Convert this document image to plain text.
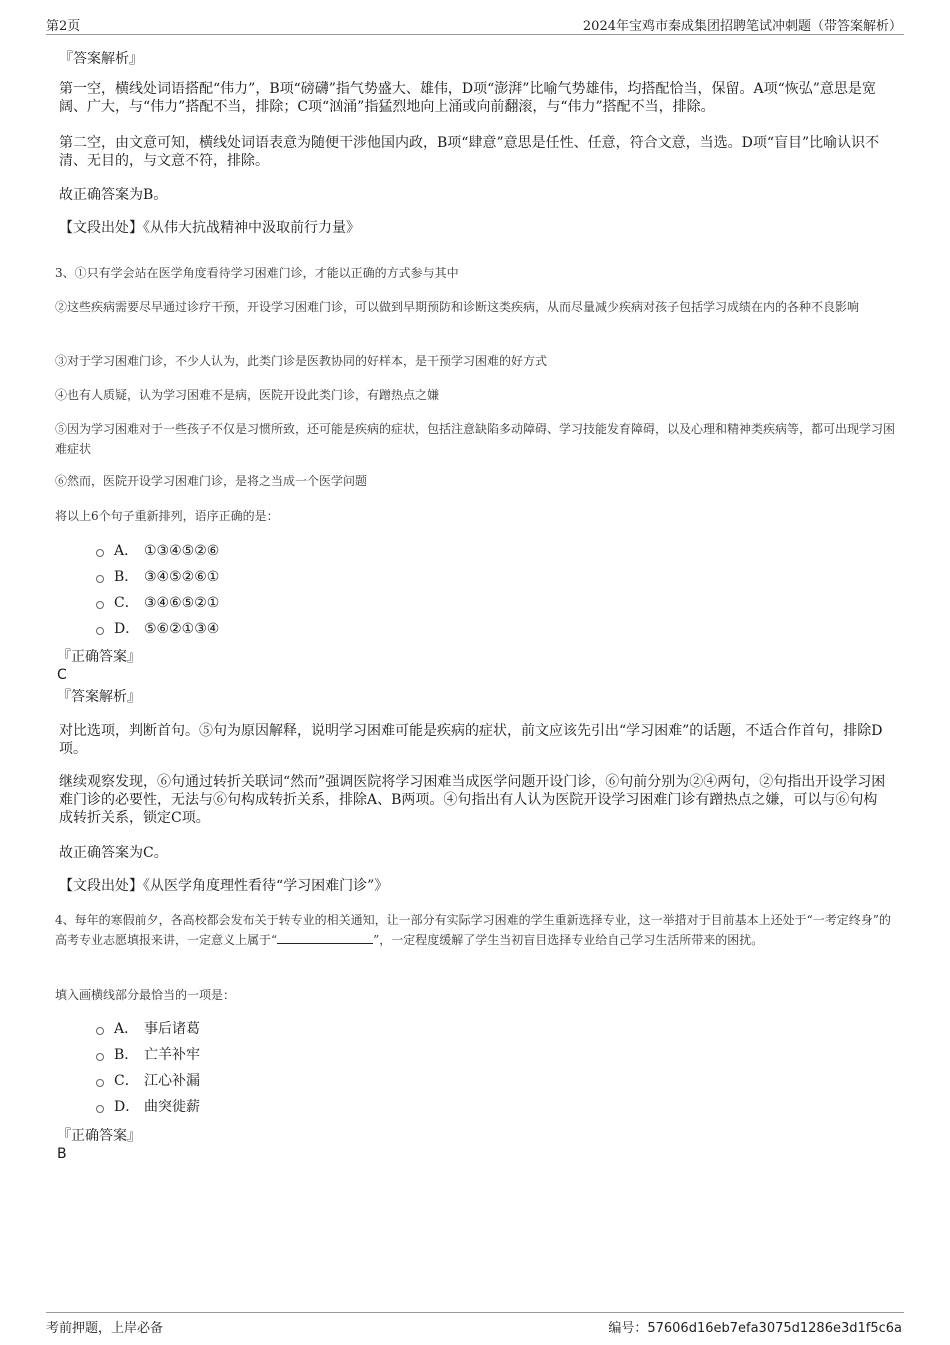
第2页	2024年宝鸡市秦成集团招聘笔试冲刺题（带答案解析）
『答案解析』
第一空，横线处词语搭配“伟力”，B项“磅礴”指气势盛大、雄伟，D项“澎湃”比喻气势雄伟，均搭配恰当，保留。A项“恢弘”意思是宽阔、广大，与“伟力”搭配不当，排除；C项“汹涌”指猛烈地向上涌或向前翻滚，与“伟力”搭配不当，排除。
第二空，由文意可知，横线处词语表意为随便干涉他国内政，B项“肆意”意思是任性、任意，符合文意，当选。D项“盲目”比喻认识不清、无目的，与文意不符，排除。
故正确答案为B。
【文段出处】《从伟大抗战精神中汲取前行力量》
3、①只有学会站在医学角度看待学习困难门诊，才能以正确的方式参与其中
②这些疾病需要尽早通过诊疗干预，开设学习困难门诊，可以做到早期预防和诊断这类疾病，从而尽量减少疾病对孩子包括学习成绩在内的各种不良影响
③对于学习困难门诊，不少人认为，此类门诊是医教协同的好样本，是干预学习困难的好方式
④也有人质疑，认为学习困难不是病，医院开设此类门诊，有蹭热点之嫌
⑤因为学习困难对于一些孩子不仅是习惯所致，还可能是疾病的症状，包括注意缺陷多动障碍、学习技能发育障碍，以及心理和精神类疾病等，都可出现学习困难症状
⑥然而，医院开设学习困难门诊，是将之当成一个医学问题
将以上6个句子重新排列，语序正确的是：
A． ①③④⑤②⑥
B． ③④⑤②⑥①
C． ③④⑥⑤②①
D． ⑤⑥②①③④
『正确答案』
C
『答案解析』
对比选项，判断首句。⑤句为原因解释，说明学习困难可能是疾病的症状，前文应该先引出“学习困难”的话题，不适合作首句，排除D项。
继续观察发现，⑥句通过转折关联词“然而”强调医院将学习困难当成医学问题开设门诊，⑥句前分别为②④两句，②句指出开设学习困难门诊的必要性，无法与⑥句构成转折关系，排除A、B两项。④句指出有人认为医院开设学习困难门诊有蹭热点之嫌，可以与⑥句构成转折关系，锁定C项。
故正确答案为C。
【文段出处】《从医学角度理性看待“学习困难门诊”》
4、每年的寒假前夕，各高校都会发布关于转专业的相关通知，让一部分有实际学习困难的学生重新选择专业，这一举措对于目前基本上还处于“一考定终身”的高考专业志愿填报来讲，一定意义上属于“	”，一定程度缓解了学生当初盲目选择专业给自己学习生活所带来的困扰。
填入画横线部分最恰当的一项是：
A． 事后诸葛
B． 亡羊补牢
C． 江心补漏
D． 曲突徙薪
『正确答案』
B
考前押题，上岸必备	编号：57606d16eb7efa3075d1286e3d1f5c6a
